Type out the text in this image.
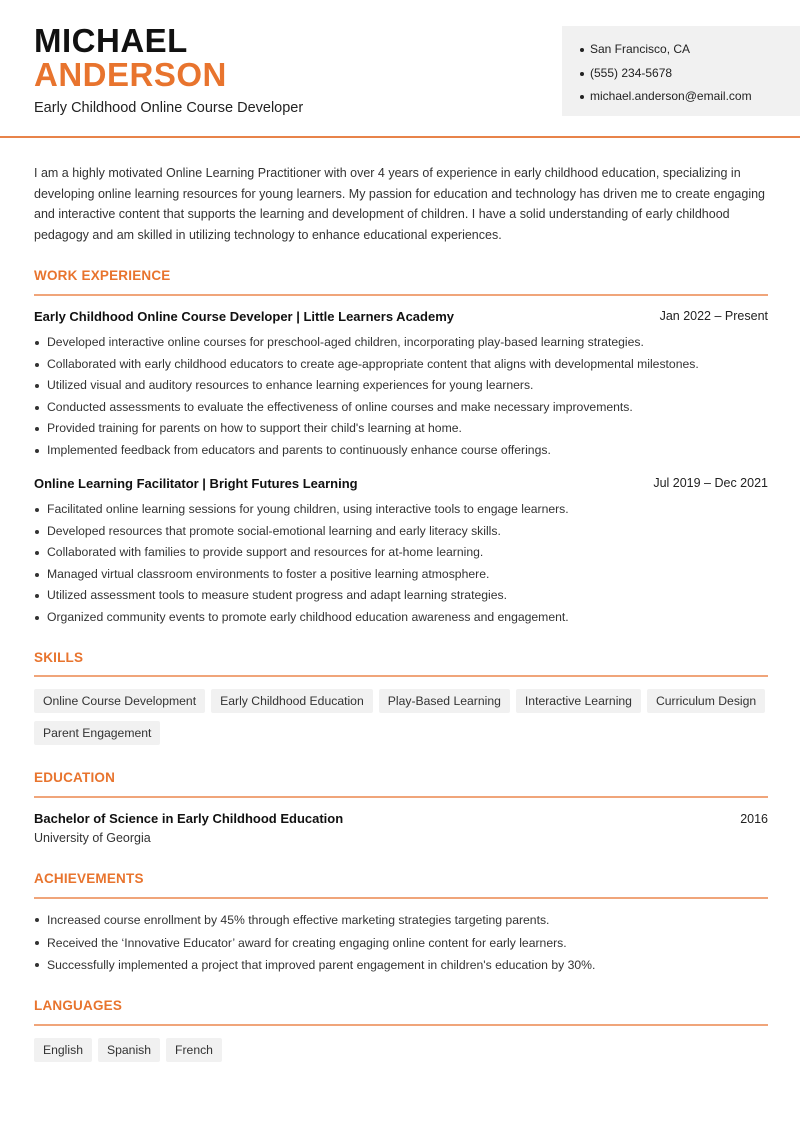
MICHAEL
ANDERSON
Early Childhood Online Course Developer
San Francisco, CA
(555) 234-5678
michael.anderson@email.com

I am a highly motivated Online Learning Practitioner with over 4 years of experience in early childhood education, specializing in developing online learning resources for young learners. My passion for education and technology has driven me to create engaging and interactive content that supports the learning and development of children. I have a solid understanding of early childhood pedagogy and am skilled in utilizing technology to enhance educational experiences.

WORK EXPERIENCE
Early Childhood Online Course Developer | Little Learners Academy	Jan 2022 – Present
Developed interactive online courses for preschool-aged children, incorporating play-based learning strategies.
Collaborated with early childhood educators to create age-appropriate content that aligns with developmental milestones.
Utilized visual and auditory resources to enhance learning experiences for young learners.
Conducted assessments to evaluate the effectiveness of online courses and make necessary improvements.
Provided training for parents on how to support their child's learning at home.
Implemented feedback from educators and parents to continuously enhance course offerings.
Online Learning Facilitator | Bright Futures Learning	Jul 2019 – Dec 2021
Facilitated online learning sessions for young children, using interactive tools to engage learners.
Developed resources that promote social-emotional learning and early literacy skills.
Collaborated with families to provide support and resources for at-home learning.
Managed virtual classroom environments to foster a positive learning atmosphere.
Utilized assessment tools to measure student progress and adapt learning strategies.
Organized community events to promote early childhood education awareness and engagement.
SKILLS
Online Course Development Early Childhood Education Play-Based Learning Interactive Learning Curriculum DesignParent Engagement
EDUCATION
Bachelor of Science in Early Childhood Education	2016
University of Georgia
ACHIEVEMENTS
Increased course enrollment by 45% through effective marketing strategies targeting parents.
Received the ‘Innovative Educator’ award for creating engaging online content for early learners.
Successfully implemented a project that improved parent engagement in children's education by 30%.
LANGUAGES
English Spanish French
